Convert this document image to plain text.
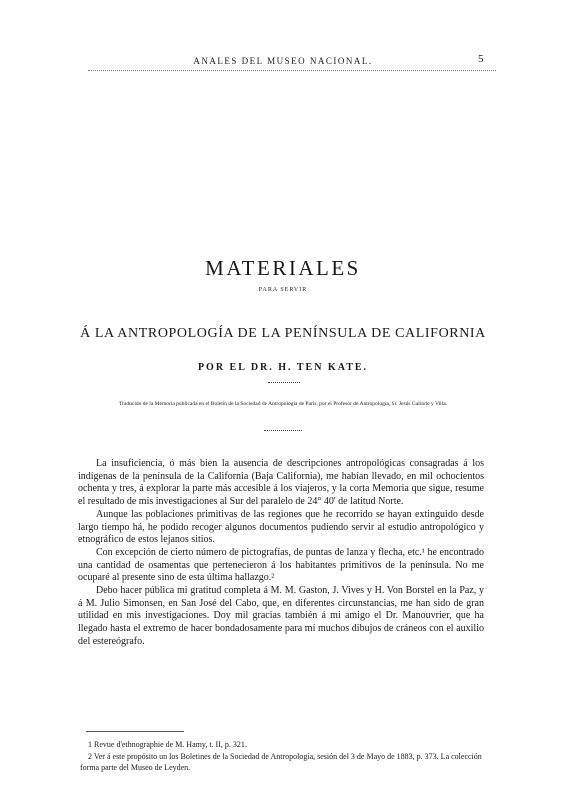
ANALES DEL MUSEO NACIONAL.	5
MATERIALES
PARA SERVIR
Á LA ANTROPOLOGÍA DE LA PENÍNSULA DE CALIFORNIA
POR EL DR. H. TEN KATE.
Traducido de la Memoria publicada en el Boletín de la Sociedad de Antropología de París, por el Profesor de Antropología, Sr. Jesús Galindo y Villa.

La insuficiencia, ó más bien la ausencia de descripciones antropológicas consagradas á los indígenas de la península de la California (Baja California), me habían llevado, en mil ochocientos ochenta y tres, á explorar la parte más accesible á los viajeros, y la corta Memoria que sigue, resume el resultado de mis investigaciones al Sur del paralelo de 24° 40' de latitud Norte.

Aunque las poblaciones primitivas de las regiones que he recorrido se hayan extinguido desde largo tiempo há, he podido recoger algunos documentos pudiendo servir al estudio antropológico y etnográfico de estos lejanos sitios.

Con excepción de cierto número de pictografías, de puntas de lanza y flecha, etc.¹ he encontrado una cantidad de osamentas que pertenecieron á los habitantes primitivos de la península. No me ocuparé al presente sino de esta última hallazgo.²

Debo hacer pública mi gratitud completa á M. M. Gaston, J. Vives y H. Von Borstel en la Paz, y á M. Julio Simonsen, en San José del Cabo, que, en diferentes circunstancias, me han sido de gran utilidad en mis investigaciones. Doy mil gracias también á mi amigo el Dr. Manouvrier, que ha llegado hasta el extremo de hacer bondadosamente para mí muchos dibujos de cráneos con el auxilio del estereógrafo.

1 Revue d'ethnographie de M. Hamy, t. II, p. 321.

2 Ver á este propósito un los Boletines de la Sociedad de Antropología, sesión del 3 de Mayo de 1883, p. 373. La colección forma parte del Museo de Leyden.
